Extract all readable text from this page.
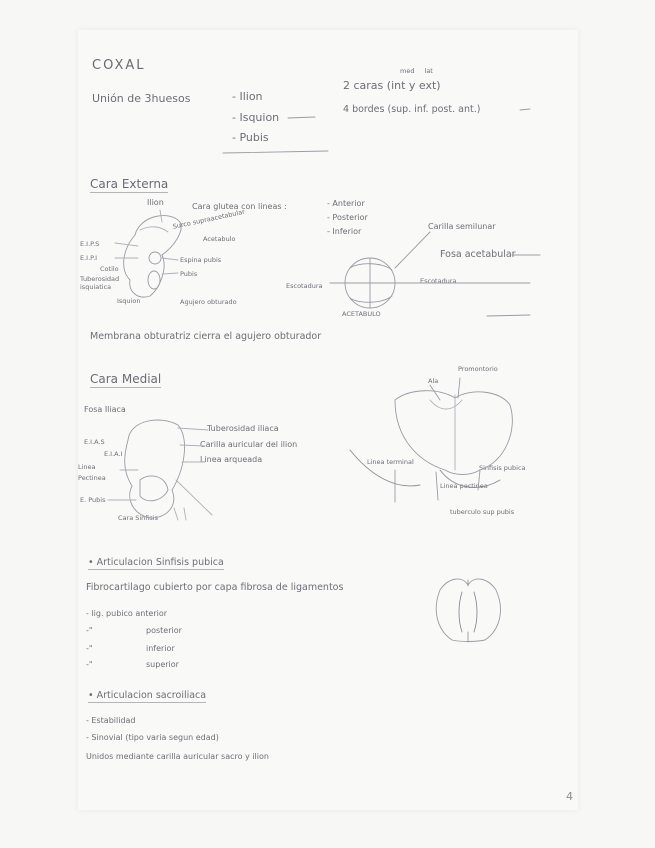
COXAL
Unión de 3huesos	- Ilion
- Isquion
- Pubis
med lat
2 caras (int y ext)
4 bordes (sup. inf. post. ant.)
Cara Externa
Ilion	Cara glutea con lineas :	- Anterior
- Posterior
- Inferior
Surco supraacetabular
Acetabulo
E.I.P.S
E.I.P.I
Cotilo
Tuberosidad isquiatica
Espina pubis
Pubis
Isquion	Agujero obturado
Carilla semilunar
Fosa acetabular
Escotadura
Escotadura
ACETABULO
Membrana obturatriz cierra el agujero obturador
Cara Medial
Fosa Iliaca
Tuberosidad iliaca
Carilla auricular del ilion
Linea arqueada
E.I.A.S
E.I.A.I
Linea Pectinea
E. Pubis
Cara Sinfisis
Promontorio
Ala
Linea terminal
Sinfisis pubica
Linea pectinea
tuberculo sup pubis
• Articulacion Sinfisis pubica
Fibrocartilago cubierto por capa fibrosa de ligamentos
- lig. pubico anterior
-"	posterior
-"	inferior
-"	superior
• Articulacion sacroiliaca
- Estabilidad
- Sinovial (tipo varia segun edad)
Unidos mediante carilla auricular sacro y ilion
4
